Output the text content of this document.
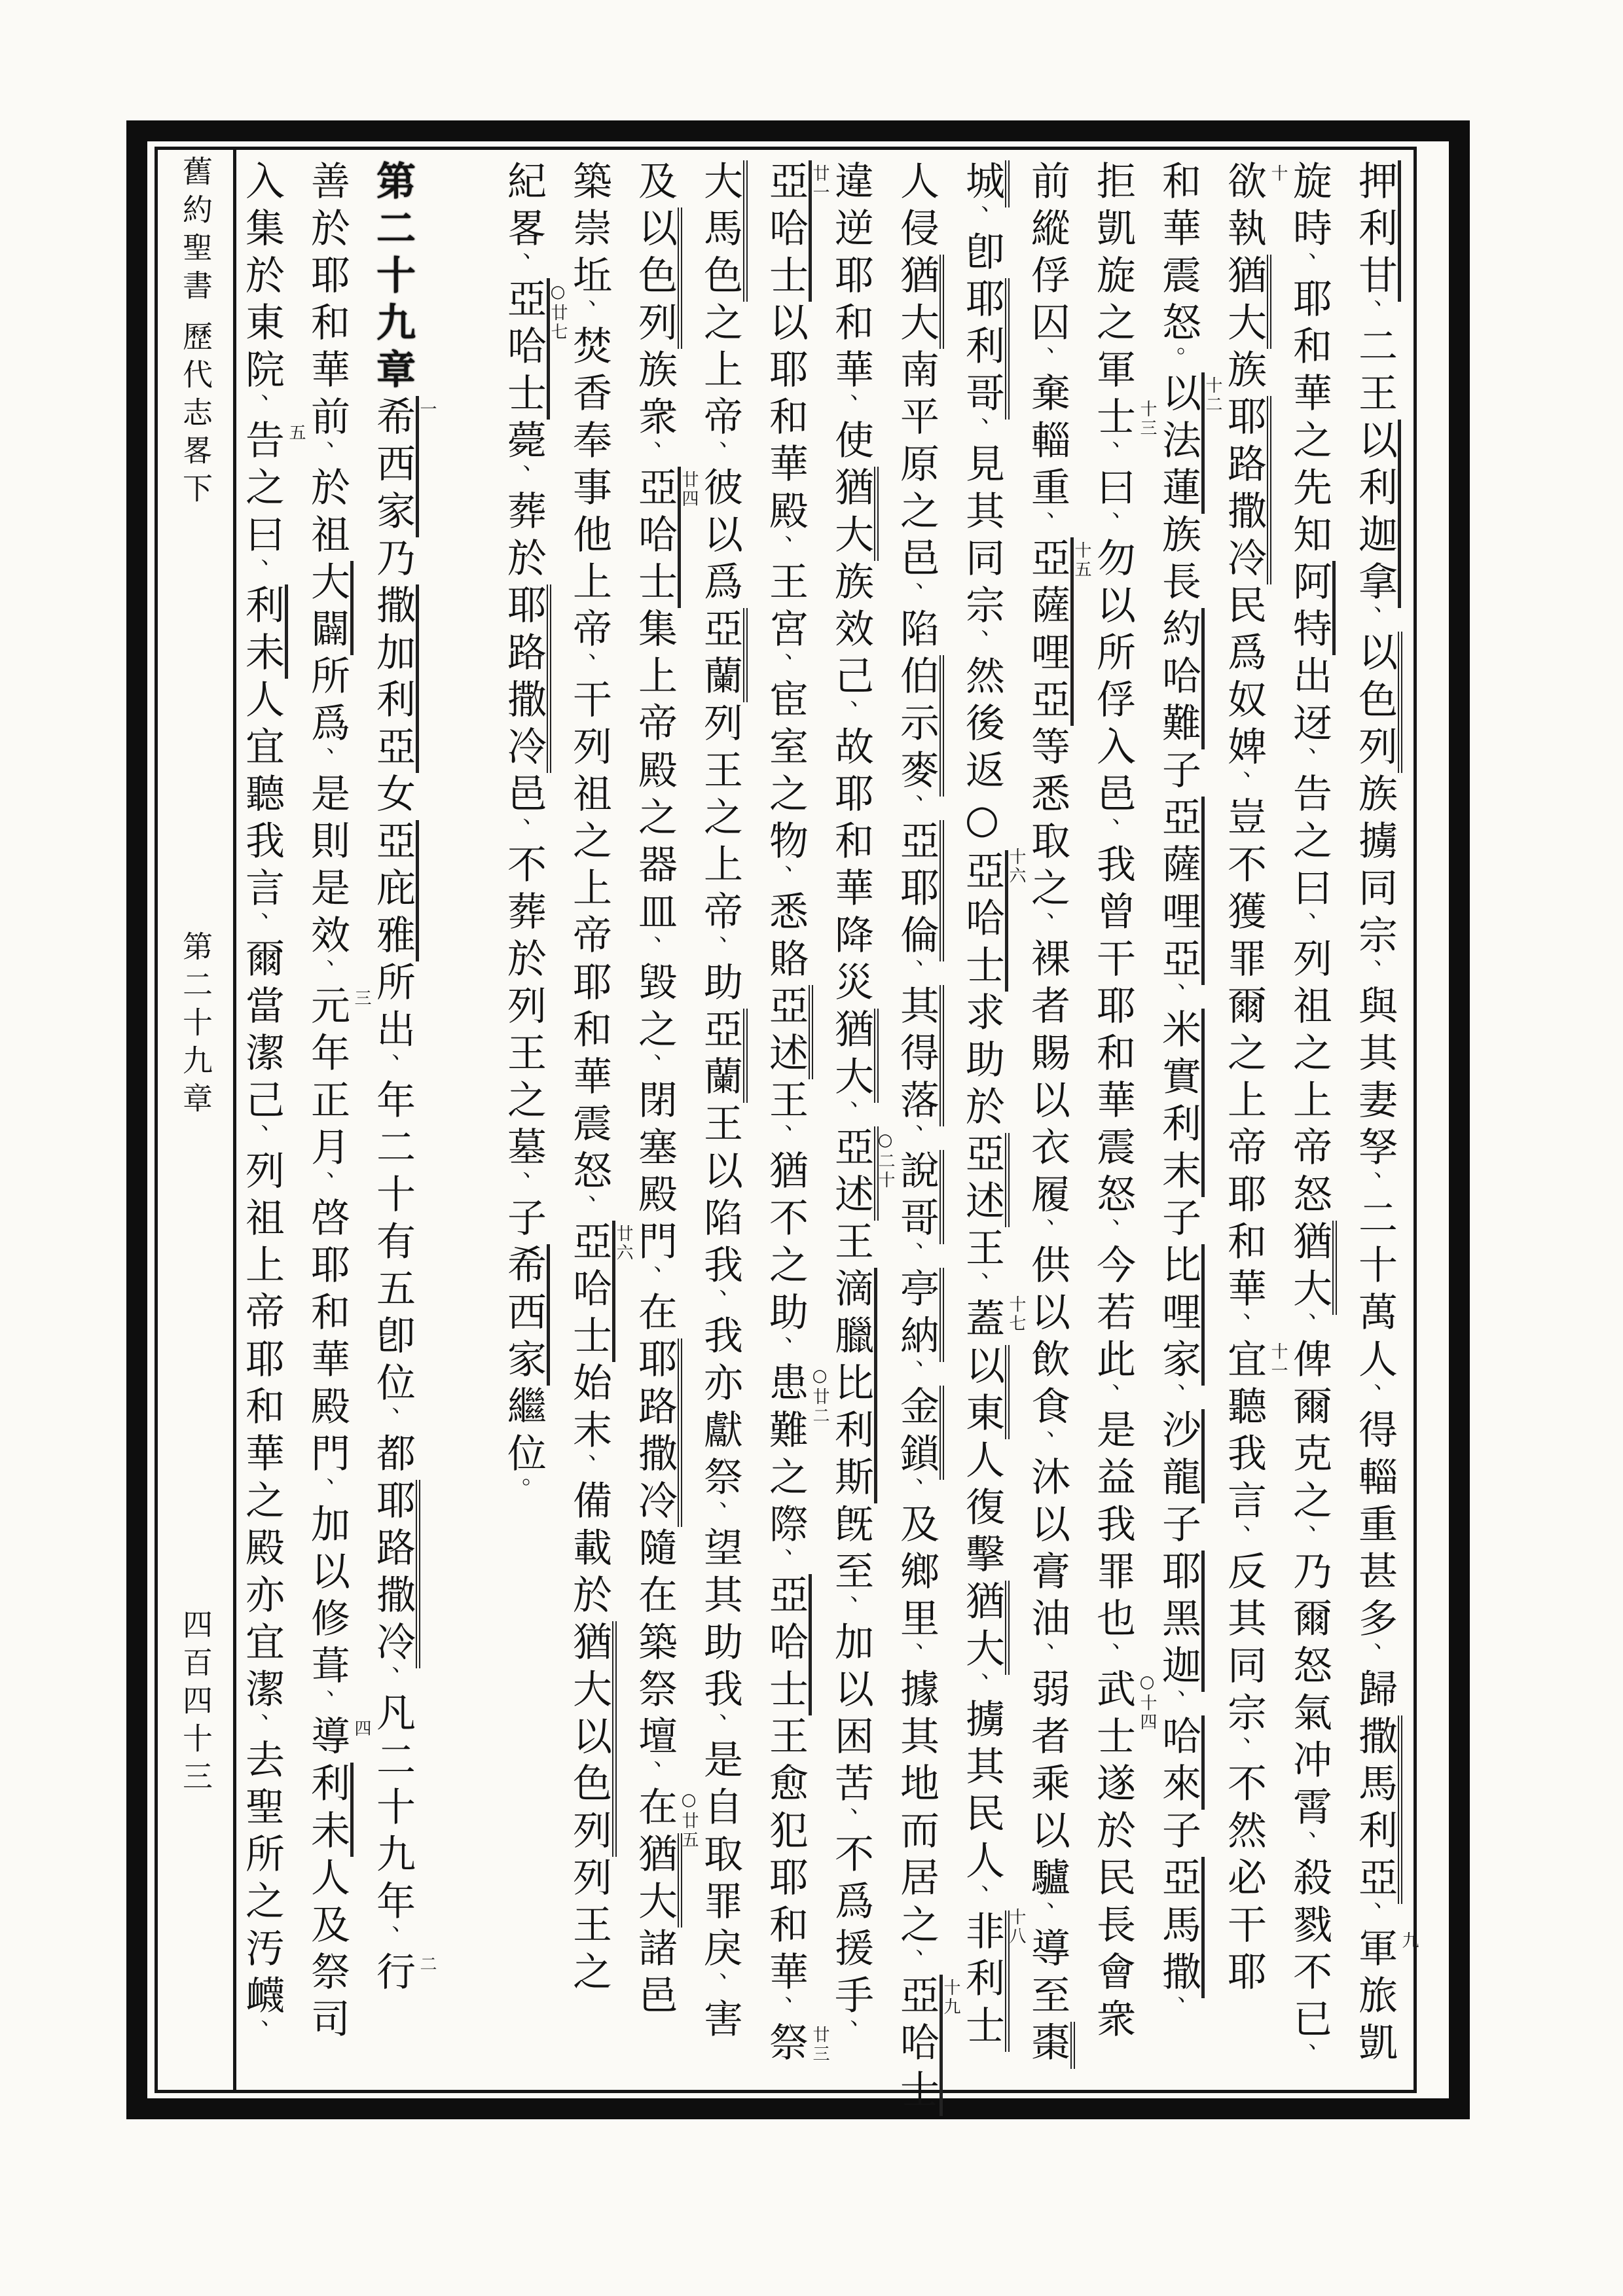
舊約聖書
歷代志畧下
第二十九章
四百四十三
押利甘、二王以利迦拿、以色列族擄同宗、與其妻孥、二十萬人、得輜重甚多、歸撒馬利亞、軍旅凱 九
旋時、耶和華之先知阿特出迓、告之曰、列祖之上帝怒猶大、俾爾克之、乃爾怒氣冲霄、殺戮不已、
欲執猶大族耶路撒冷民爲奴婢、豈不獲罪爾之上帝耶和華、宜聽我言、反其同宗、不然必干耶
十
十一
和華震怒。以法蓮族長約哈難子亞薩哩亞、米實利末子比哩家、沙龍子耶黑迦、哈來子亞馬撒、
十二
拒凱旋之軍士、曰、勿以所俘入邑、我曾干耶和華震怒、今若此、是益我罪也、武士遂於民長會衆
十三
○十四
前縱俘囚、棄輜重、亞薩哩亞等悉取之、裸者賜以衣履、供以飲食、沐以膏油、弱者乘以驢、導至棗
十五
城、卽耶利哥、見其同宗、然後返○亞哈士求助於亞述王、蓋以東人復擊猶大、擄其民人、非利士
十六
十七
十八
人侵猶大南平原之邑、陷伯示麥、亞耶倫、其得落、說哥、亭納、金鎖、及鄉里、據其地而居之、亞哈士 十九
違逆耶和華、使猶大族效己、故耶和華降災猶大、亞述王滴臘比利斯旣至、加以困苦、不爲援手、
○二十
亞哈士以耶和華殿、王宮、宦室之物、悉賂亞述王、猶不之助、患難之際、亞哈士王愈犯耶和華、祭
廿一
○廿二
廿三
大馬色之上帝、彼以爲亞蘭列王之上帝、助亞蘭王以陷我、我亦獻祭、望其助我、是自取罪戾、害
及以色列族衆、亞哈士集上帝殿之器皿、毀之、閉塞殿門、在耶路撒冷隨在築祭壇、在猶大諸邑
廿四
○廿五
築崇坵、焚香奉事他上帝、干列祖之上帝耶和華震怒、亞哈士始末、備載於猶大以色列列王之
廿六
紀畧、亞哈士薨、葬於耶路撒冷邑、不葬於列王之墓、子希西家繼位。
○廿七
第二十九章希西家乃撒加利亞女亞庇雅所出、年二十有五卽位、都耶路撒冷、凡二十九年、行
一
二
善於耶和華前、於祖大闢所爲、是則是效、元年正月、啓耶和華殿門、加以修葺、導利未人及祭司
三
四
入集於東院、告之曰、利未人宜聽我言、爾當潔己、列祖上帝耶和華之殿亦宜潔、去聖所之汚衊、
五
